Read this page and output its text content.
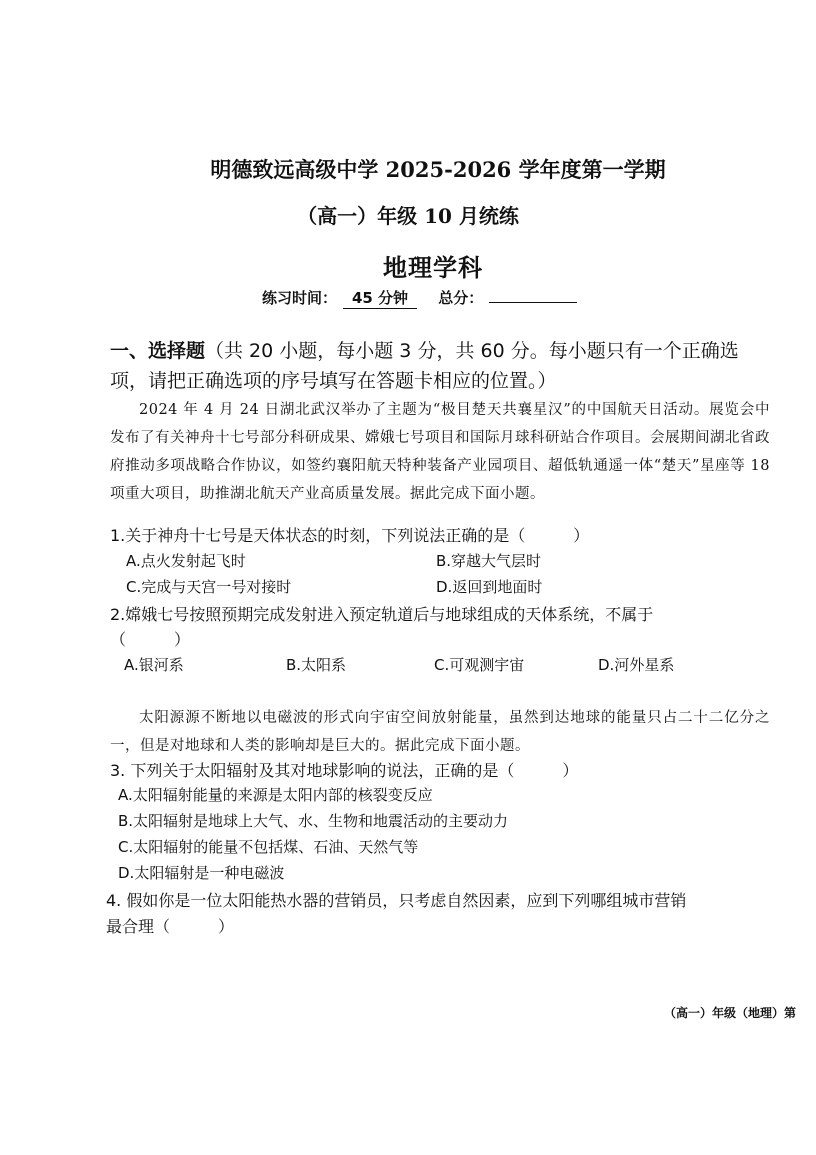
明德致远高级中学 2025-2026 学年度第一学期
（高一）年级 10 月统练
地理学科
练习时间： 45 分钟 总分：
一、选择题（共 20 小题，每小题 3 分，共 60 分。每小题只有一个正确选项，请把正确选项的序号填写在答题卡相应的位置。）
2024 年 4 月 24 日湖北武汉举办了主题为“极目楚天共襄星汉”的中国航天日活动。展览会中发布了有关神舟十七号部分科研成果、嫦娥七号项目和国际月球科研站合作项目。会展期间湖北省政府推动多项战略合作协议，如签约襄阳航天特种装备产业园项目、超低轨通遥一体“楚天”星座等 18 项重大项目，助推湖北航天产业高质量发展。据此完成下面小题。
1.关于神舟十七号是天体状态的时刻，下列说法正确的是（　　　）
A.点火发射起飞时	B.穿越大气层时
C.完成与天宫一号对接时	D.返回到地面时
2.嫦娥七号按照预期完成发射进入预定轨道后与地球组成的天体系统，不属于
（　　　）
A.银河系	B.太阳系	C.可观测宇宙	D.河外星系
太阳源源不断地以电磁波的形式向宇宙空间放射能量，虽然到达地球的能量只占二十二亿分之一，但是对地球和人类的影响却是巨大的。据此完成下面小题。
3. 下列关于太阳辐射及其对地球影响的说法，正确的是（　　　）
A.太阳辐射能量的来源是太阳内部的核裂变反应
B.太阳辐射是地球上大气、水、生物和地震活动的主要动力
C.太阳辐射的能量不包括煤、石油、天然气等
D.太阳辐射是一种电磁波
4. 假如你是一位太阳能热水器的营销员，只考虑自然因素，应到下列哪组城市营销
最合理（　　　）
（高一）年级（地理）第
